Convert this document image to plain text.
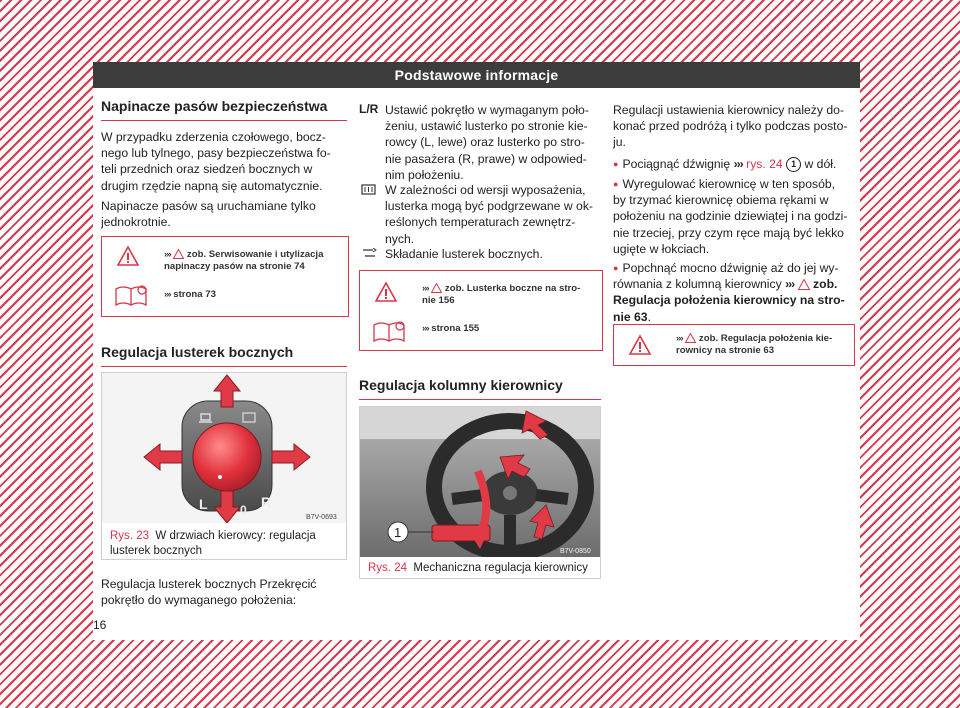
Podstawowe informacje
Napinacze pasów bezpieczeństwa
W przypadku zderzenia czołowego, bocz-
nego lub tylnego, pasy bezpieczeństwa fo-
teli przednich oraz siedzeń bocznych w
drugim rzędzie napną się automatycznie.
Napinacze pasów są uruchamiane tylko
jednokrotnie.
›››  zob. Serwisowanie i utylizacja
napinaczy pasów na stronie 74
››› strona 73
Regulacja lusterek bocznych
L	0 R
B7V-0693
Rys. 23 W drzwiach kierowcy: regulacja
lusterek bocznych
Regulacja lusterek bocznych Przekręcić
pokrętło do wymaganego położenia:
L/R Ustawić pokrętło w wymaganym poło-
żeniu, ustawić lusterko po stronie kie-
rowcy (L, lewe) oraz lusterko po stro-
nie pasażera (R, prawe) w odpowied-
nim położeniu.
W zależności od wersji wyposażenia,
lusterka mogą być podgrzewane w ok-
reślonych temperaturach zewnętrz-
nych.
Składanie lusterek bocznych.
›››  zob. Lusterka boczne na stro-
nie 156
››› strona 155
Regulacja kolumny kierownicy
1
B7V-0850
Rys. 24 Mechaniczna regulacja kierownicy
Regulacji ustawienia kierownicy należy do-
konać przed podróżą i tylko podczas posto-
ju.
● Pociągnąć dźwignię ››› rys. 24 1 w dół.
● Wyregulować kierownicę w ten sposób,
by trzymać kierownicę obiema rękami w
położeniu na godzinie dziewiątej i na godzi-
nie trzeciej, przy czym ręce mają być lekko
ugięte w łokciach.
● Popchnąć mocno dźwignię aż do jej wy-
równania z kolumną kierownicy ›››  zob.
Regulacja położenia kierownicy na stro-
nie 63.
›››  zob. Regulacja położenia kie-
rownicy na stronie 63
16
